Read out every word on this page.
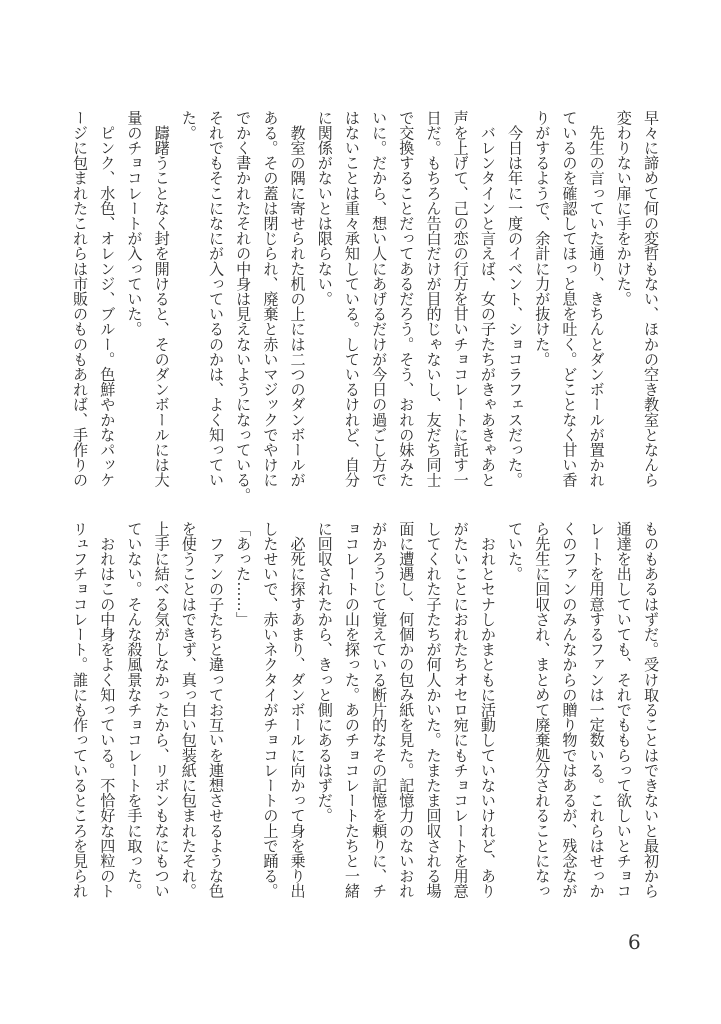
早々に諦めて何の変哲もない、ほかの空き教室となんら
変わりない扉に手をかけた。
　先生の言っていた通り、きちんとダンボールが置かれ
ているのを確認してほっと息を吐く。どことなく甘い香
りがするようで、余計に力が抜けた。
　今日は年に一度のイベント、ショコラフェスだった。
　バレンタインと言えば、女の子たちがきゃあきゃあと
声を上げて、己の恋の行方を甘いチョコレートに託す一
日だ。もちろん告白だけが目的じゃないし、友だち同士
で交換することだってあるだろう。そう、おれの妹みた
いに。だから、想い人にあげるだけが今日の過ごし方で
はないことは重々承知している。しているけれど、自分
に関係がないとは限らない。
　教室の隅に寄せられた机の上には二つのダンボールが
ある。その蓋は閉じられ、廃棄と赤いマジックでやけに
でかく書かれたそれの中身は見えないようになっている。
それでもそこになにが入っているのかは、よく知ってい
た。
　躊躇うことなく封を開けると、そのダンボールには大
量のチョコレートが入っていた。
　ピンク、水色、オレンジ、ブルー。色鮮やかなパッケ
ージに包まれたこれらは市販のものもあれば、手作りの
ものもあるはずだ。受け取ることはできないと最初から
通達を出していても、それでももらって欲しいとチョコ
レートを用意するファンは一定数いる。これらはせっか
くのファンのみんなからの贈り物ではあるが、残念なが
ら先生に回収され、まとめて廃棄処分されることになっ
ていた。
　おれとセナしかまともに活動していないけれど、あり
がたいことにおれたちオセロ宛にもチョコレートを用意
してくれた子たちが何人かいた。たまたま回収される場
面に遭遇し、何個かの包み紙を見た。記憶力のないおれ
がかろうじて覚えている断片的なその記憶を頼りに、チ
ョコレートの山を探った。あのチョコレートたちと一緒
に回収されたから、きっと側にあるはずだ。
　必死に探すあまり、ダンボールに向かって身を乗り出
したせいで、赤いネクタイがチョコレートの上で踊る。
「あった……」
　ファンの子たちと違ってお互いを連想させるような色
を使うことはできず、真っ白い包装紙に包まれたそれ。
上手に結べる気がしなかったから、リボンもなにもつい
ていない。そんな殺風景なチョコレートを手に取った。
　おれはこの中身をよく知っている。不恰好な四粒のト
リュフチョコレート。誰にも作っているところを見られ
6
